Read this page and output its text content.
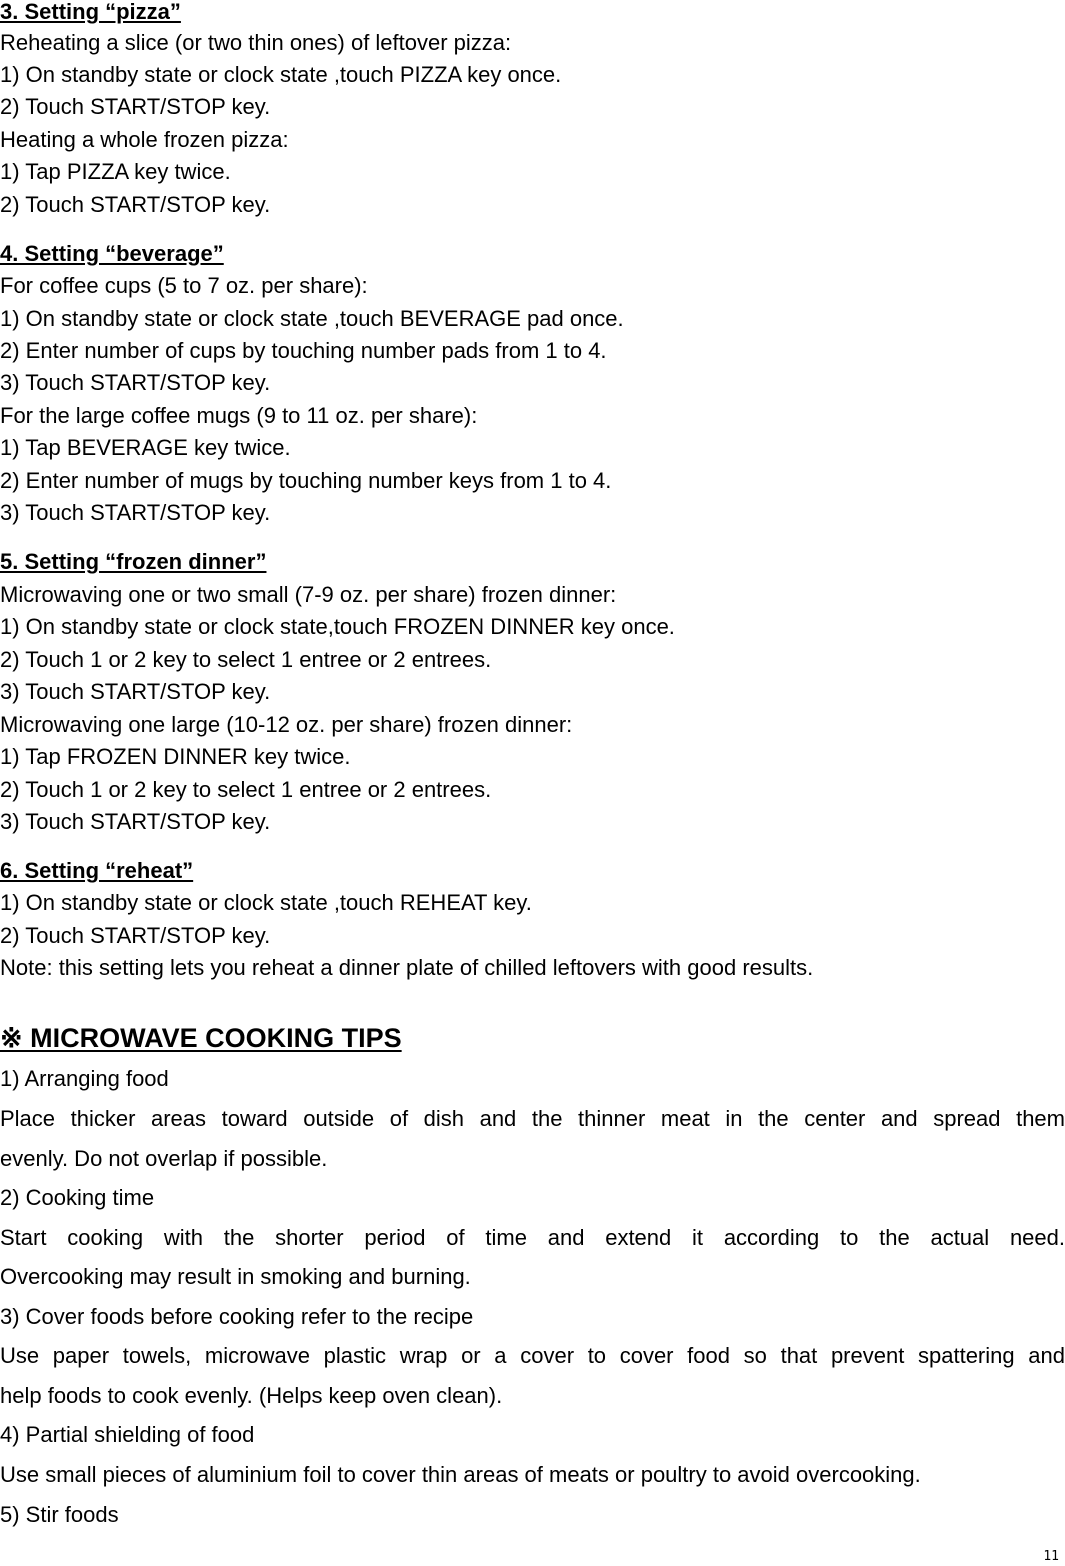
3. Setting “pizza”
Reheating a slice (or two thin ones) of leftover pizza:
1) On standby state or clock state ,touch PIZZA key once.
2) Touch START/STOP key.
Heating a whole frozen pizza:
1) Tap PIZZA key twice.
2) Touch START/STOP key.
4. Setting “beverage”
For coffee cups (5 to 7 oz. per share):
1) On standby state or clock state ,touch BEVERAGE pad once.
2) Enter number of cups by touching number pads from 1 to 4.
3) Touch START/STOP key.
For the large coffee mugs (9 to 11 oz. per share):
1) Tap BEVERAGE key twice.
2) Enter number of mugs by touching number keys from 1 to 4.
3) Touch START/STOP key.
5. Setting “frozen dinner”
Microwaving one or two small (7-9 oz. per share) frozen dinner:
1) On standby state or clock state,touch FROZEN DINNER key once.
2) Touch 1 or 2 key to select 1 entree or 2 entrees.
3) Touch START/STOP key.
Microwaving one large (10-12 oz. per share) frozen dinner:
1) Tap FROZEN DINNER key twice.
2) Touch 1 or 2 key to select 1 entree or 2 entrees.
3) Touch START/STOP key.
6. Setting “reheat”
1) On standby state or clock state ,touch REHEAT key.
2) Touch START/STOP key.
Note: this setting lets you reheat a dinner plate of chilled leftovers with good results.
※ MICROWAVE COOKING TIPS
1) Arranging food
Place thicker areas toward outside of dish and the thinner meat in the center and spread them
evenly. Do not overlap if possible.
2) Cooking time
Start cooking with the shorter period of time and extend it according to the actual need.
Overcooking may result in smoking and burning.
3) Cover foods before cooking refer to the recipe
Use paper towels, microwave plastic wrap or a cover to cover food so that prevent spattering and
help foods to cook evenly. (Helps keep oven clean).
4) Partial shielding of food
Use small pieces of aluminium foil to cover thin areas of meats or poultry to avoid overcooking.
5) Stir foods
11
